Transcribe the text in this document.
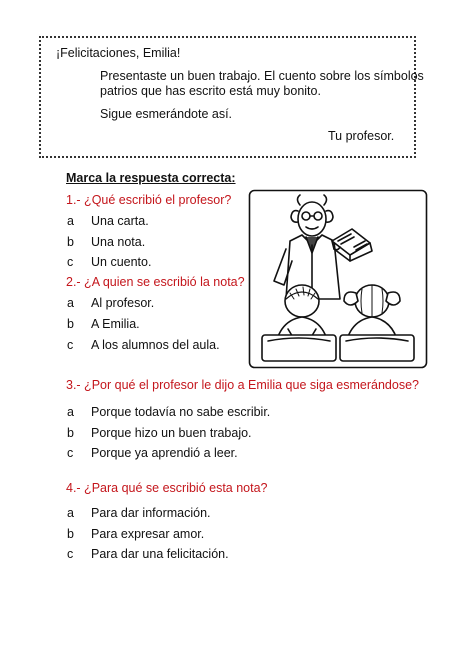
¡Felicitaciones, Emilia!
Presentaste un buen trabajo. El cuento sobre los símbolos
patrios que has escrito está muy bonito.
Sigue esmerándote así.
Tu profesor.
Marca la respuesta correcta:
1.- ¿Qué escribió el profesor?
a Una carta.
b Una nota.
c Un cuento.
2.- ¿A quien se escribió la nota?
a Al profesor.
b A Emilia.
c A los alumnos del aula.
3.- ¿Por qué el profesor le dijo a Emilia que siga esmerándose?
a Porque todavía no sabe escribir.
b Porque hizo un buen trabajo.
c Porque ya aprendió a leer.
4.- ¿Para qué se escribió esta nota?
a Para dar información.
b Para expresar amor.
c Para dar una felicitación.
